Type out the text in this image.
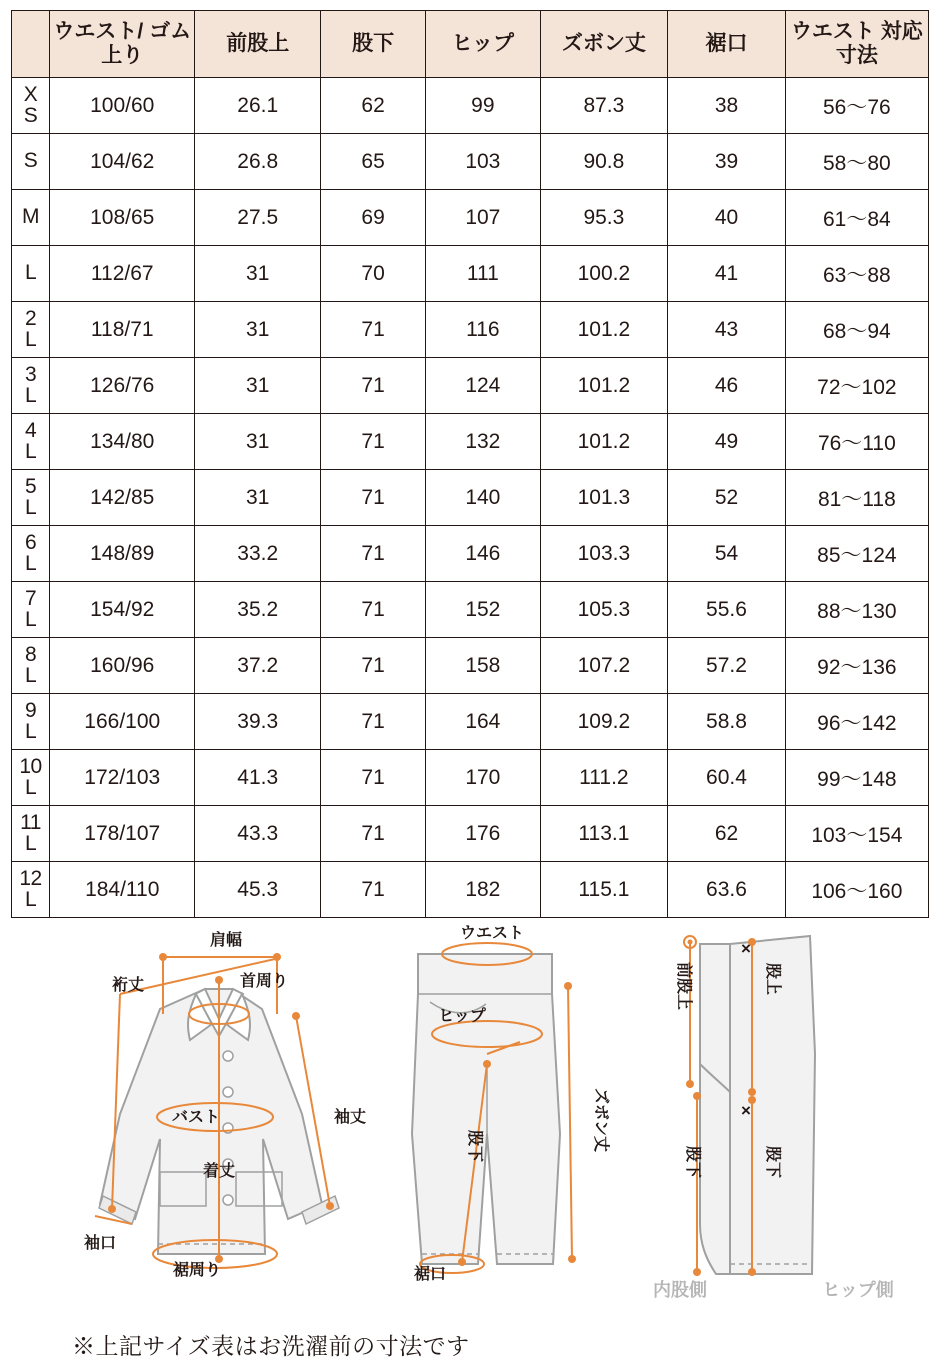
	ウエスト/ ゴム上り	前股上	股下	ヒップ	ズボン丈	裾口	ウエスト 対応寸法

X
S	100/60	26.1	62	99	87.3	38	56〜76

S	104/62	26.8	65	103	90.8	39	58〜80

M	108/65	27.5	69	107	95.3	40	61〜84

L	112/67	31	70	111	100.2	41	63〜88

2
L	118/71	31	71	116	101.2	43	68〜94

3
L	126/76	31	71	124	101.2	46	72〜102

4
L	134/80	31	71	132	101.2	49	76〜110

5
L	142/85	31	71	140	101.3	52	81〜118

6
L	148/89	33.2	71	146	103.3	54	85〜124

7
L	154/92	35.2	71	152	105.3	55.6	88〜130

8
L	160/96	37.2	71	158	107.2	57.2	92〜136

9
L	166/100	39.3	71	164	109.2	58.8	96〜142

10
L	172/103	41.3	71	170	111.2	60.4	99〜148

11
L	178/107	43.3	71	176	113.1	62	103〜154

12
L	184/110	45.3	71	182	115.1	63.6	106〜160
肩幅
首周り
裄丈
バスト	袖丈
着丈
袖口
裾周り
ウエスト
ヒップ
ズボン丈
股下
裾口
×
×
前股上	股上
股下	股下
内股側	ヒップ側
※上記サイズ表はお洗濯前の寸法です
